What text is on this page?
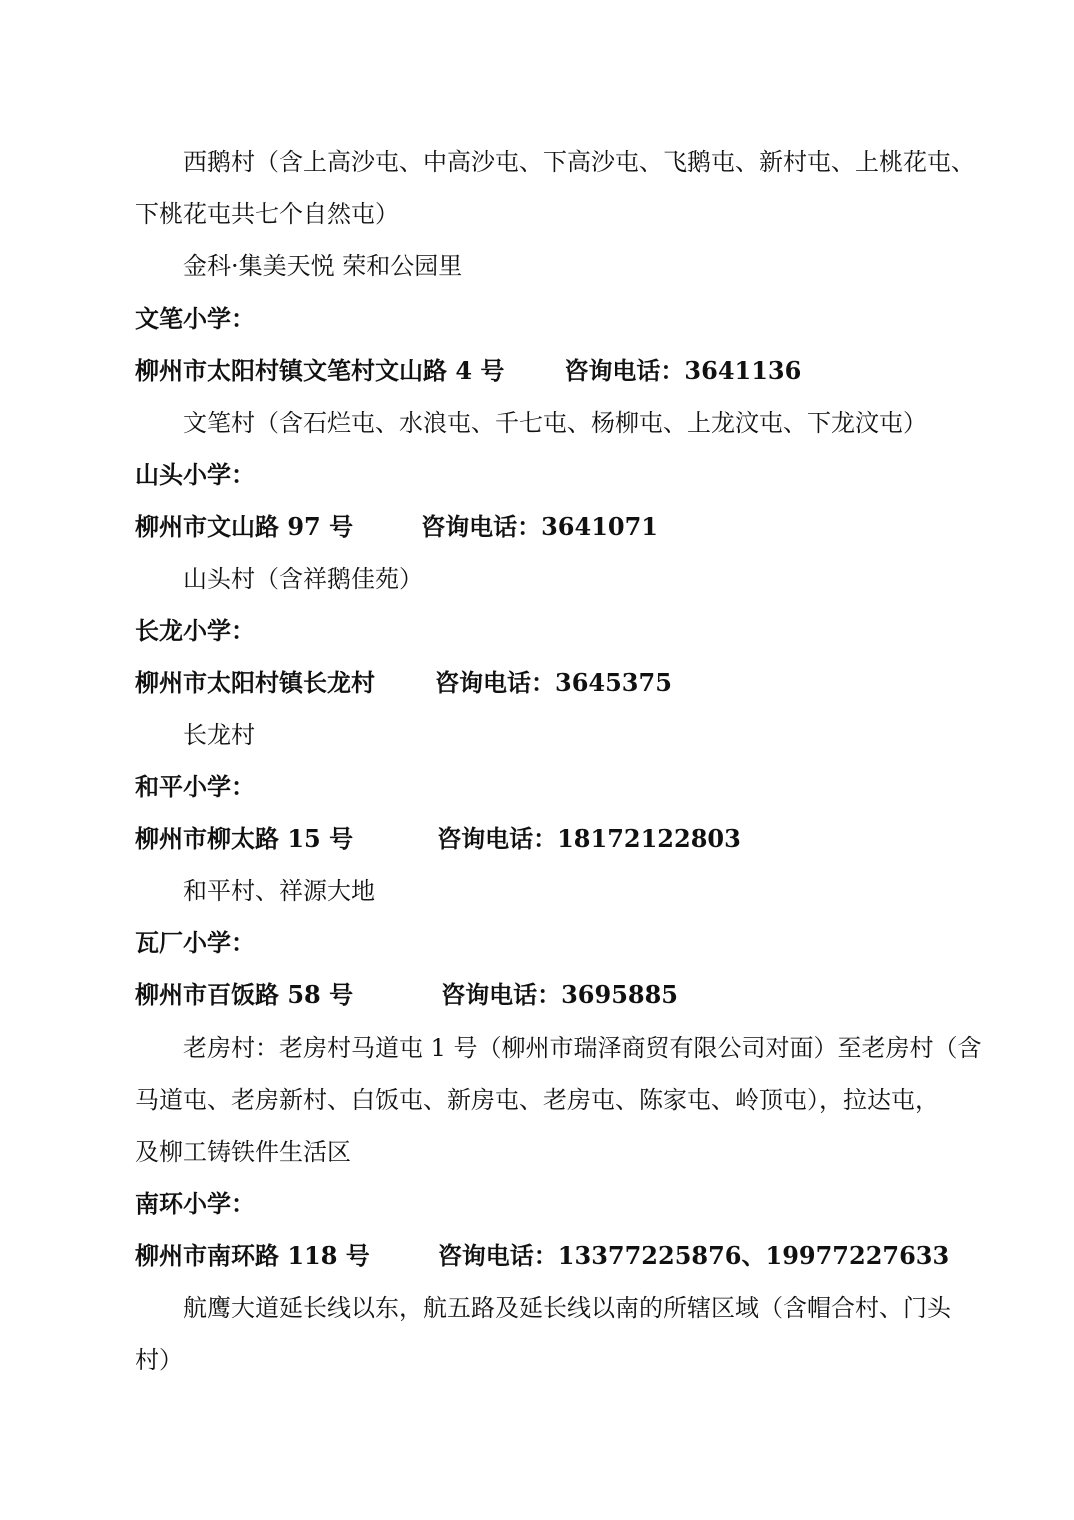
西鹅村（含上高沙屯、中高沙屯、下高沙屯、飞鹅屯、新村屯、上桃花屯、
下桃花屯共七个自然屯）
金科·集美天悦 荣和公园里
文笔小学：
柳州市太阳村镇文笔村文山路 4 号	咨询电话：3641136
文笔村（含石烂屯、水浪屯、千七屯、杨柳屯、上龙汶屯、下龙汶屯）
山头小学：
柳州市文山路 97 号	咨询电话：3641071
山头村（含祥鹅佳苑）
长龙小学：
柳州市太阳村镇长龙村	咨询电话：3645375
长龙村
和平小学：
柳州市柳太路 15 号	咨询电话：18172122803
和平村、祥源大地
瓦厂小学：
柳州市百饭路 58 号	咨询电话：3695885
老房村：老房村马道屯 1 号（柳州市瑞泽商贸有限公司对面）至老房村（含
马道屯、老房新村、白饭屯、新房屯、老房屯、陈家屯、岭顶屯），拉达屯，
及柳工铸铁件生活区
南环小学：
柳州市南环路 118 号	咨询电话：13377225876、19977227633
航鹰大道延长线以东，航五路及延长线以南的所辖区域（含帽合村、门头
村）
